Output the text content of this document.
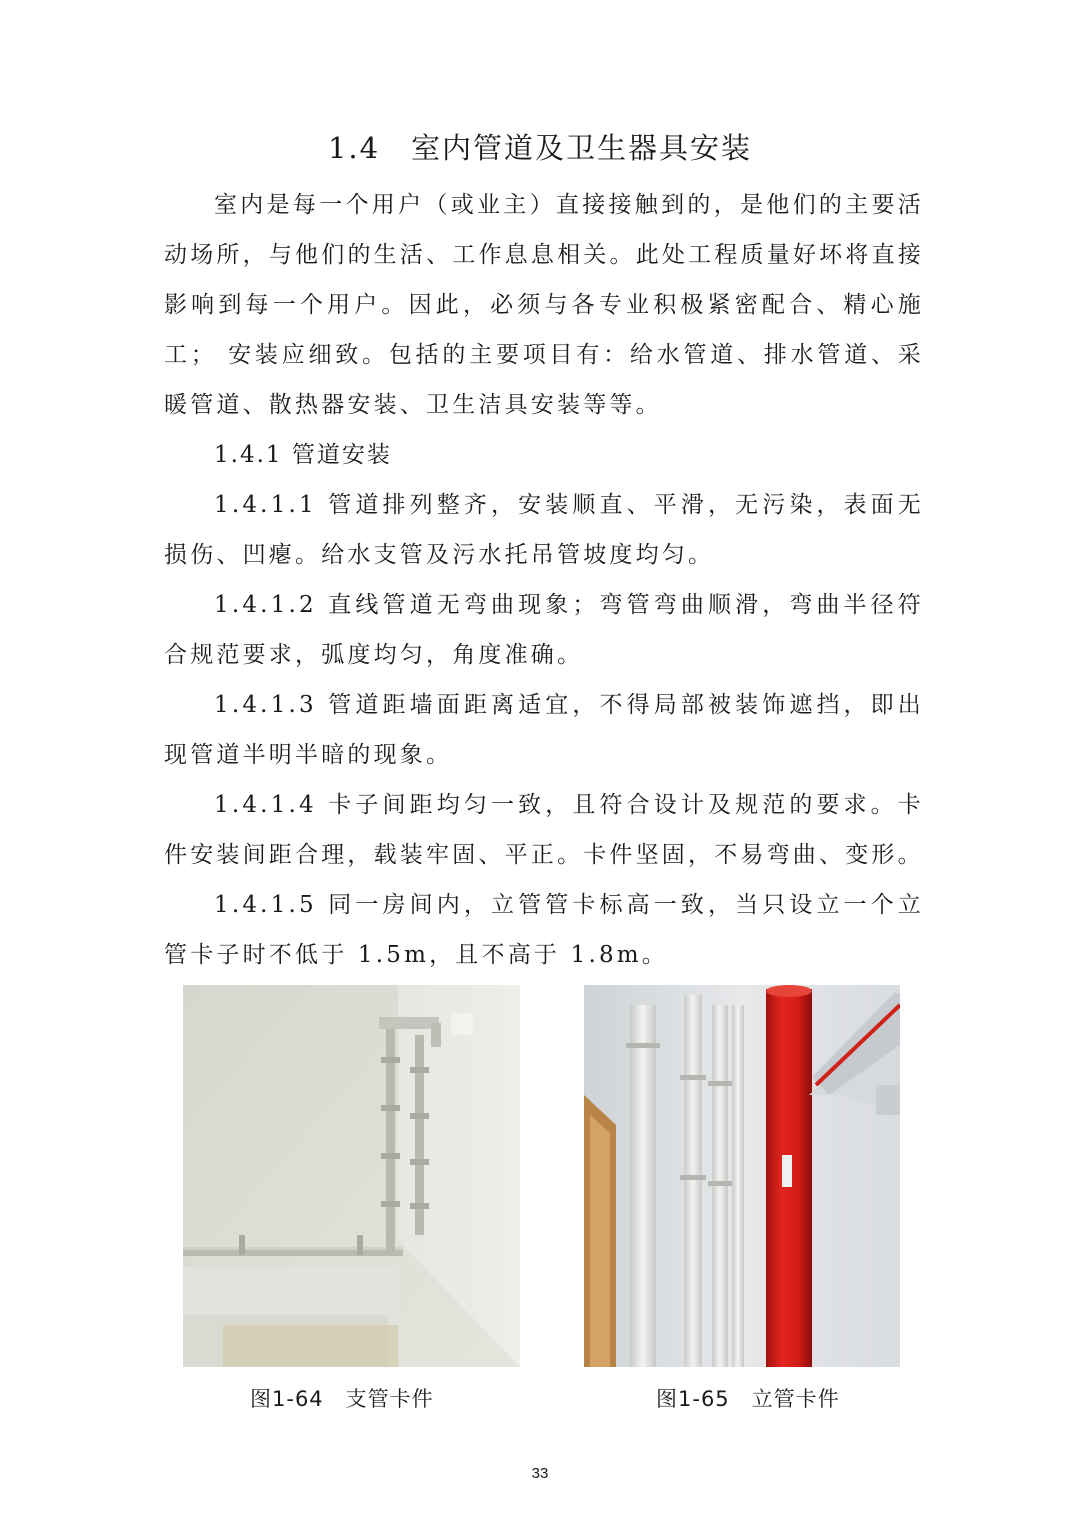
1.4　室内管道及卫生器具安装

室内是每一个用户（或业主）直接接触到的，是他们的主要活动场所，与他们的生活、工作息息相关。此处工程质量好坏将直接影响到每一个用户。因此，必须与各专业积极紧密配合、精心施工； 安装应细致。包括的主要项目有：给水管道、排水管道、采暖管道、散热器安装、卫生洁具安装等等。

1.4.1 管道安装

1.4.1.1 管道排列整齐，安装顺直、平滑，无污染，表面无损伤、凹瘪。给水支管及污水托吊管坡度均匀。

1.4.1.2 直线管道无弯曲现象；弯管弯曲顺滑，弯曲半径符合规范要求，弧度均匀，角度准确。

1.4.1.3 管道距墙面距离适宜，不得局部被装饰遮挡，即出现管道半明半暗的现象。

1.4.1.4 卡子间距均匀一致，且符合设计及规范的要求。卡件安装间距合理，载装牢固、平正。卡件坚固，不易弯曲、变形。

1.4.1.5 同一房间内，立管管卡标高一致，当只设立一个立管卡子时不低于 1.5m，且不高于 1.8m。

图1-64 支管卡件	图1-65 立管卡件
33
